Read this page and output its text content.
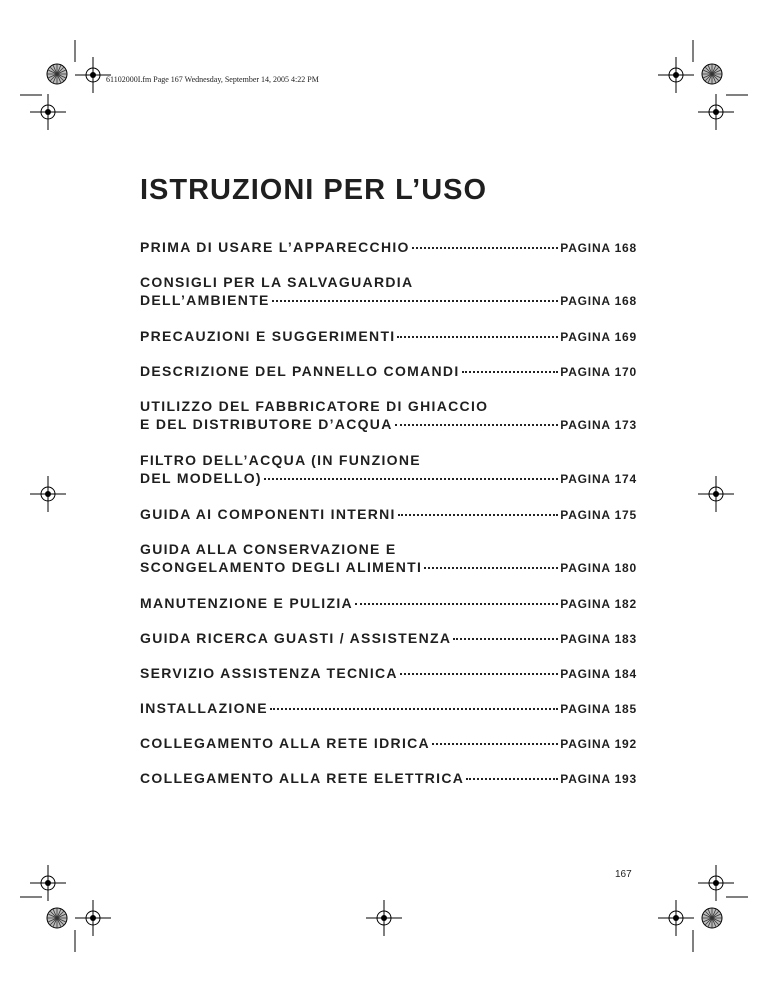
61102000I.fm Page 167 Wednesday, September 14, 2005 4:22 PM
ISTRUZIONI PER L’USO
PRIMA DI USARE L’APPARECCHIO	PAGINA 168
CONSIGLI PER LA SALVAGUARDIA
DELL’AMBIENTE	PAGINA 168
PRECAUZIONI E SUGGERIMENTI	PAGINA 169
DESCRIZIONE DEL PANNELLO COMANDI	PAGINA 170
UTILIZZO DEL FABBRICATORE DI GHIACCIO
E DEL DISTRIBUTORE D’ACQUA	PAGINA 173
FILTRO DELL’ACQUA (IN FUNZIONE
DEL MODELLO)	PAGINA 174
GUIDA AI COMPONENTI INTERNI	PAGINA 175
GUIDA ALLA CONSERVAZIONE E
SCONGELAMENTO DEGLI ALIMENTI	PAGINA 180
MANUTENZIONE E PULIZIA	PAGINA 182
GUIDA RICERCA GUASTI / ASSISTENZA	PAGINA 183
SERVIZIO ASSISTENZA TECNICA	PAGINA 184
INSTALLAZIONE	PAGINA 185
COLLEGAMENTO ALLA RETE IDRICA	PAGINA 192
COLLEGAMENTO ALLA RETE ELETTRICA	PAGINA 193
167
